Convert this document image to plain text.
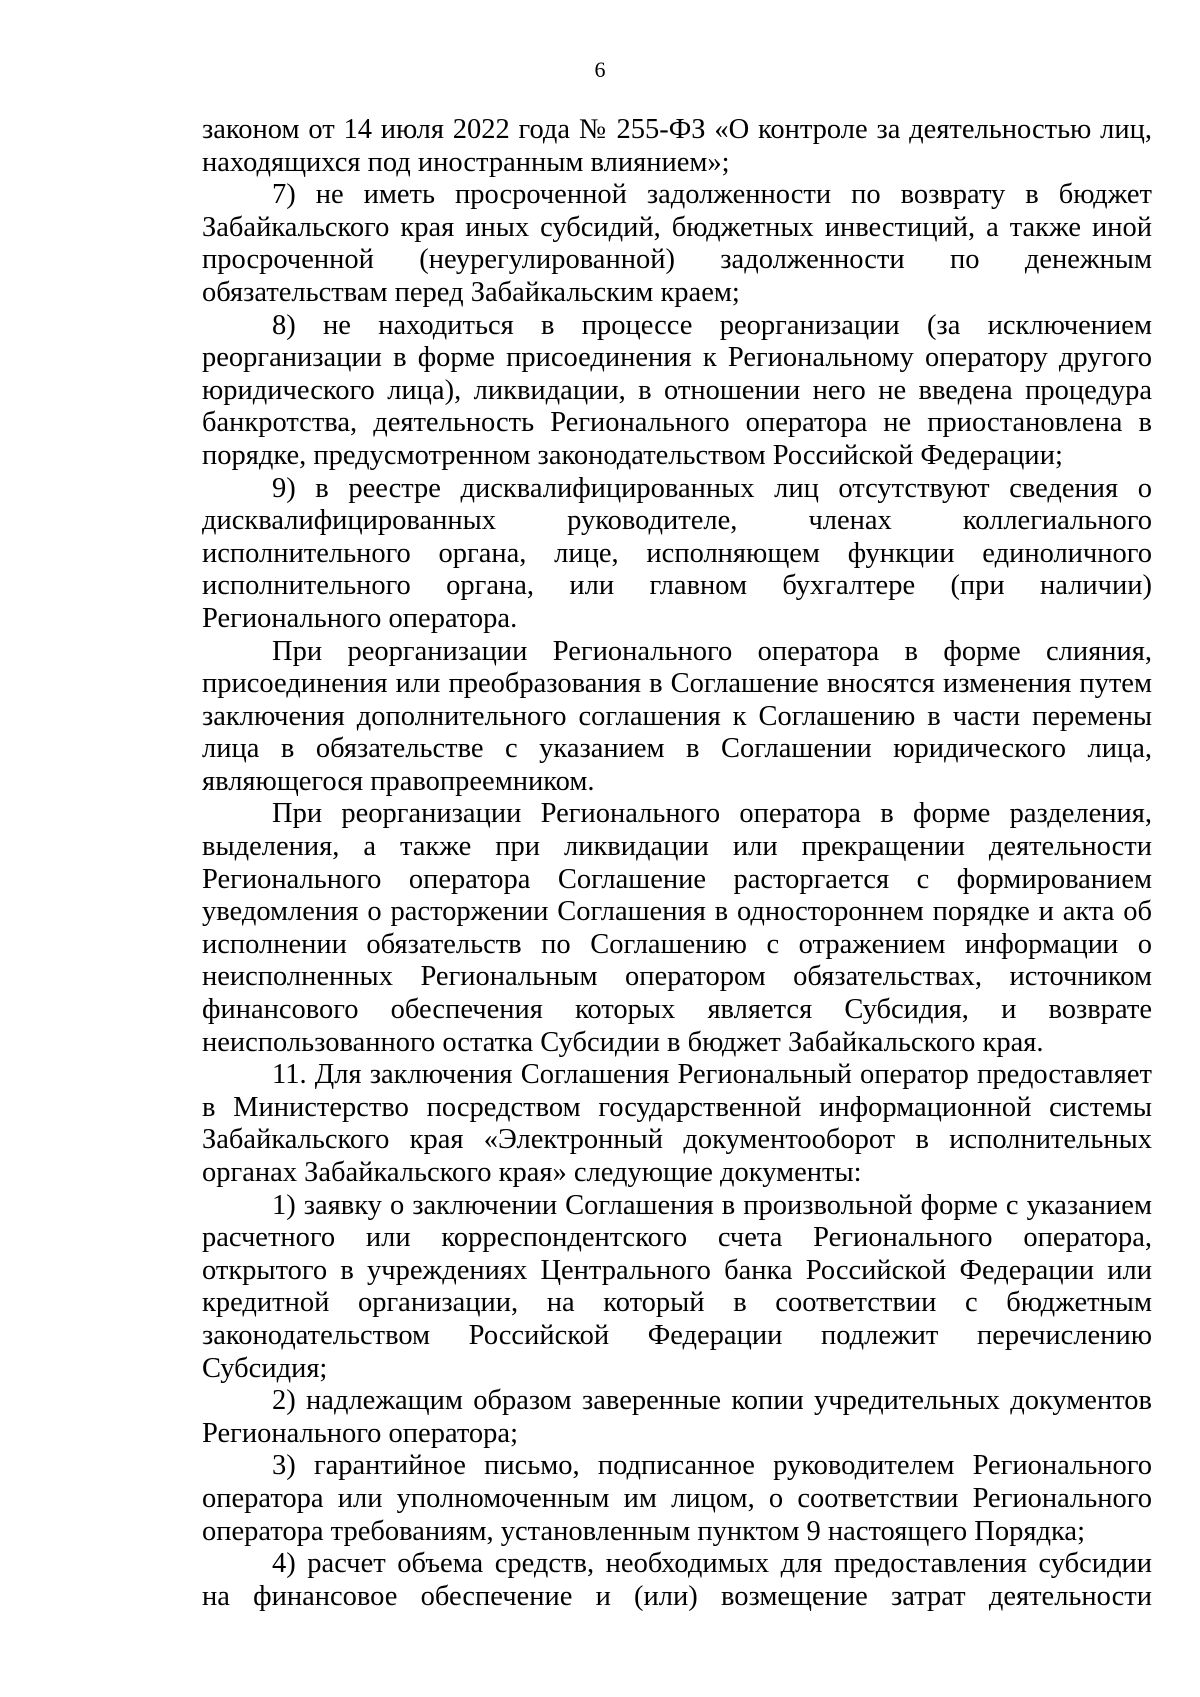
6

законом от 14 июля 2022 года № 255-ФЗ «О контроле за деятельностью лиц, находящихся под иностранным влиянием»;

7) не иметь просроченной задолженности по возврату в бюджет Забайкальского края иных субсидий, бюджетных инвестиций, а также иной просроченной (неурегулированной) задолженности по денежным обязательствам перед Забайкальским краем;

8) не находиться в процессе реорганизации (за исключением реорганизации в форме присоединения к Региональному оператору другого юридического лица), ликвидации, в отношении него не введена процедура банкротства, деятельность Регионального оператора не приостановлена в порядке, предусмотренном законодательством Российской Федерации;

9) в реестре дисквалифицированных лиц отсутствуют сведения о дисквалифицированных руководителе, членах коллегиального исполнительного органа, лице, исполняющем функции единоличного исполнительного органа, или главном бухгалтере (при наличии) Регионального оператора.

При реорганизации Регионального оператора в форме слияния, присоединения или преобразования в Соглашение вносятся изменения путем заключения дополнительного соглашения к Соглашению в части перемены лица в обязательстве с указанием в Соглашении юридического лица, являющегося правопреемником.

При реорганизации Регионального оператора в форме разделения, выделения, а также при ликвидации или прекращении деятельности Регионального оператора Соглашение расторгается с формированием уведомления о расторжении Соглашения в одностороннем порядке и акта об исполнении обязательств по Соглашению с отражением информации о неисполненных Региональным оператором обязательствах, источником финансового обеспечения которых является Субсидия, и возврате неиспользованного остатка Субсидии в бюджет Забайкальского края.

11. Для заключения Соглашения Региональный оператор предоставляет в Министерство посредством государственной информационной системы Забайкальского края «Электронный документооборот в исполнительных органах Забайкальского края» следующие документы:

1) заявку о заключении Соглашения в произвольной форме с указанием расчетного или корреспондентского счета Регионального оператора, открытого в учреждениях Центрального банка Российской Федерации или кредитной организации, на который в соответствии с бюджетным законодательством Российской Федерации подлежит перечислению Субсидия;

2) надлежащим образом заверенные копии учредительных документов Регионального оператора;

3) гарантийное письмо, подписанное руководителем Регионального оператора или уполномоченным им лицом, о соответствии Регионального оператора требованиям, установленным пунктом 9 настоящего Порядка;

4) расчет объема средств, необходимых для предоставления субсидии на финансовое обеспечение и (или) возмещение затрат деятельности
